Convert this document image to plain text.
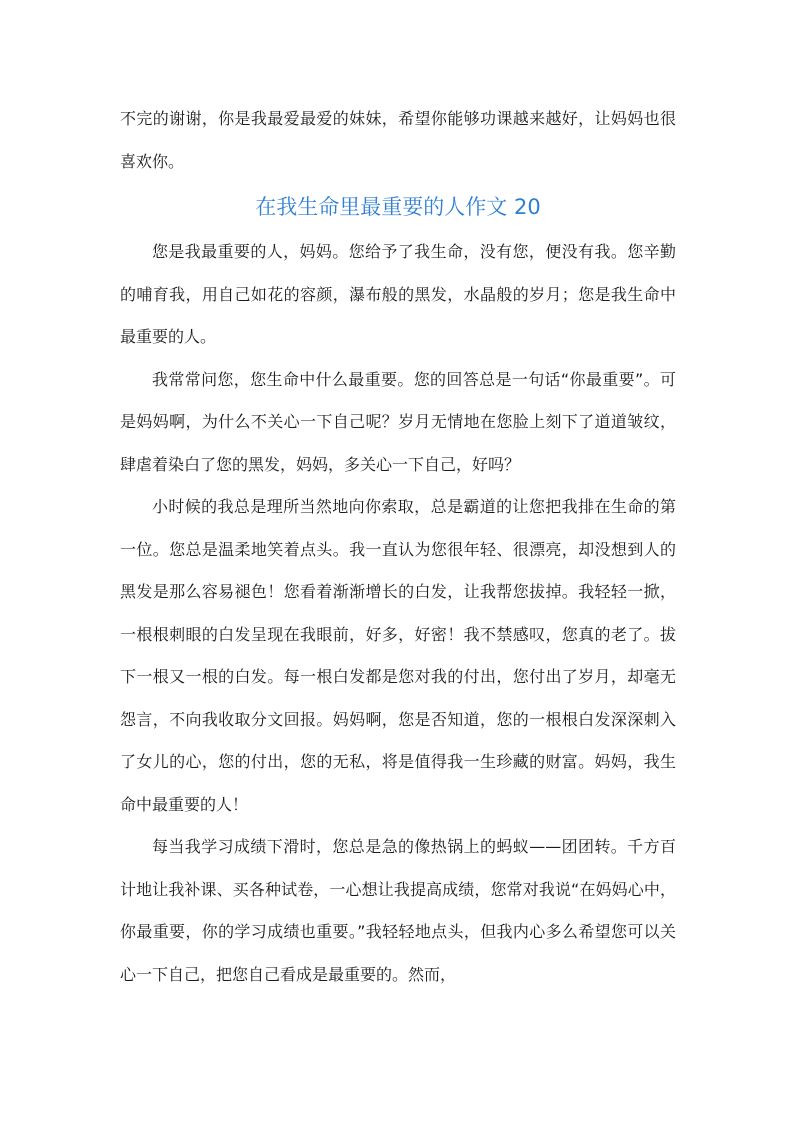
不完的谢谢，你是我最爱最爱的妹妹，希望你能够功课越来越好，让妈妈也很喜欢你。

在我生命里最重要的人作文 20

您是我最重要的人，妈妈。您给予了我生命，没有您，便没有我。您辛勤的哺育我，用自己如花的容颜，瀑布般的黑发，水晶般的岁月；您是我生命中最重要的人。

我常常问您，您生命中什么最重要。您的回答总是一句话“你最重要”。可是妈妈啊，为什么不关心一下自己呢？岁月无情地在您脸上刻下了道道皱纹，肆虐着染白了您的黑发，妈妈，多关心一下自己，好吗？

小时候的我总是理所当然地向你索取，总是霸道的让您把我排在生命的第一位。您总是温柔地笑着点头。我一直认为您很年轻、很漂亮，却没想到人的黑发是那么容易褪色！您看着渐渐增长的白发，让我帮您拔掉。我轻轻一掀，一根根刺眼的白发呈现在我眼前，好多，好密！我不禁感叹，您真的老了。拔下一根又一根的白发。每一根白发都是您对我的付出，您付出了岁月，却毫无怨言，不向我收取分文回报。妈妈啊，您是否知道，您的一根根白发深深刺入了女儿的心，您的付出，您的无私，将是值得我一生珍藏的财富。妈妈，我生命中最重要的人！

每当我学习成绩下滑时，您总是急的像热锅上的蚂蚁——团团转。千方百计地让我补课、买各种试卷，一心想让我提高成绩，您常对我说“在妈妈心中，你最重要，你的学习成绩也重要。”我轻轻地点头，但我内心多么希望您可以关心一下自己，把您自己看成是最重要的。然而，
